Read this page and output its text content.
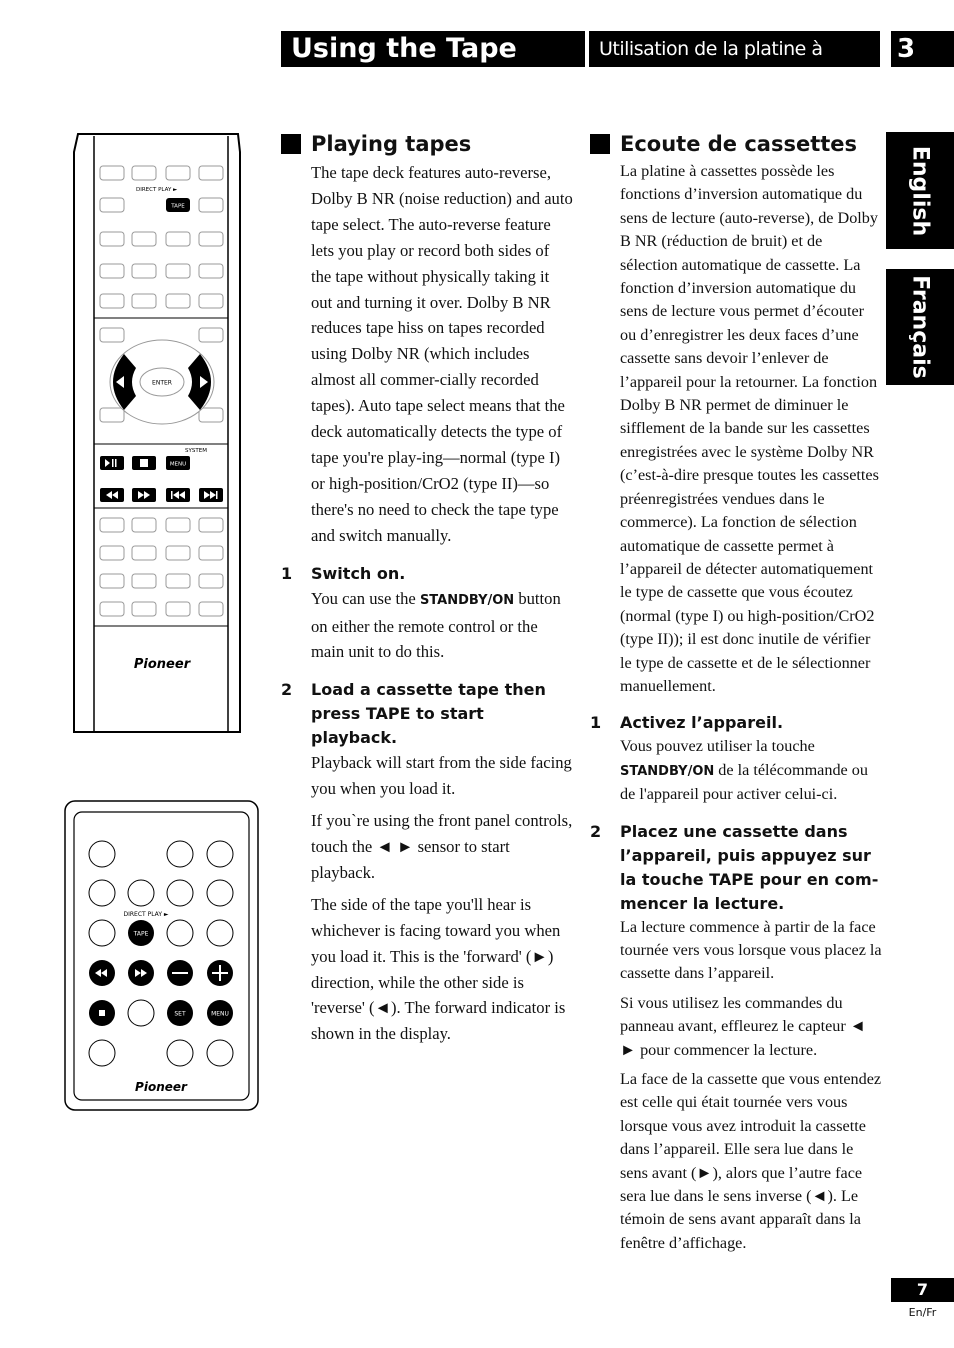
Using the Tape Deck
Utilisation de la platine à cassettes
3
English
Français
DIRECT PLAY ►
TAPE
ENTER
SYSTEM
MENU
Pioneer
DIRECT PLAY ►
TAPE
SET	MENU
Pioneer
Playing tapes
The tape deck features auto-reverse, Dolby B NR (noise reduction) and auto tape select. The auto-reverse feature lets you play or record both sides of the tape without physically taking it out and turning it over. Dolby B NR reduces tape hiss on tapes recorded using Dolby NR (which includes almost all commer-cially recorded tapes). Auto tape select means that the deck automatically detects the type of tape you're play-ing—normal (type I) or high-position/CrO2 (type II)—so there's no need to check the tape type and switch manually.
1 Switch on.
You can use the STANDBY/ON button on either the remote control or the main unit to do this.
2 Load a cassette tape then press TAPE to start playback.

Playback will start from the side facing you when you load it.

If you`re using the front panel controls, touch the ◄ ► sensor to start playback.

The side of the tape you'll hear is whichever is facing toward you when you load it. This is the 'forward' (►) direction, while the other side is 'reverse' (◄). The forward indicator is shown in the display.

Ecoute de cassettes
La platine à cassettes possède les fonctions d’inversion automatique du sens de lecture (auto-reverse), de Dolby B NR (réduction de bruit) et de sélection automatique de cassette. La fonction d’inversion automatique du sens de lecture vous permet d’écouter ou d’enregistrer les deux faces d’une cassette sans devoir l’enlever de l’appareil pour la retourner. La fonction Dolby B NR permet de diminuer le sifflement de la bande sur les cassettes enregistrées avec le système Dolby NR (c’est-à-dire presque toutes les cassettes préenregistrées vendues dans le commerce). La fonction de sélection automatique de cassette permet à l’appareil de détecter automatiquement le type de cassette que vous écoutez (normal (type I) ou high-position/CrO2 (type II)); il est donc inutile de vérifier le type de cassette et de le sélectionner manuellement.
1 Activez l’appareil.
Vous pouvez utiliser la touche STANDBY/ON de la télécommande ou de l'appareil pour activer celui-ci.
2 Placez une cassette dans l’appareil, puis appuyez sur la touche TAPE pour en com-mencer la lecture.

La lecture commence à partir de la face tournée vers vous lorsque vous placez la cassette dans l’appareil.

Si vous utilisez les commandes du panneau avant, effleurez le capteur ◄ ► pour commencer la lecture.

La face de la cassette que vous entendez est celle qui était tournée vers vous lorsque vous avez introduit la cassette dans l’appareil. Elle sera lue dans le sens avant (►), alors que l’autre face sera lue dans le sens inverse (◄). Le témoin de sens avant apparaît dans la fenêtre d’affichage.

7
En/Fr
